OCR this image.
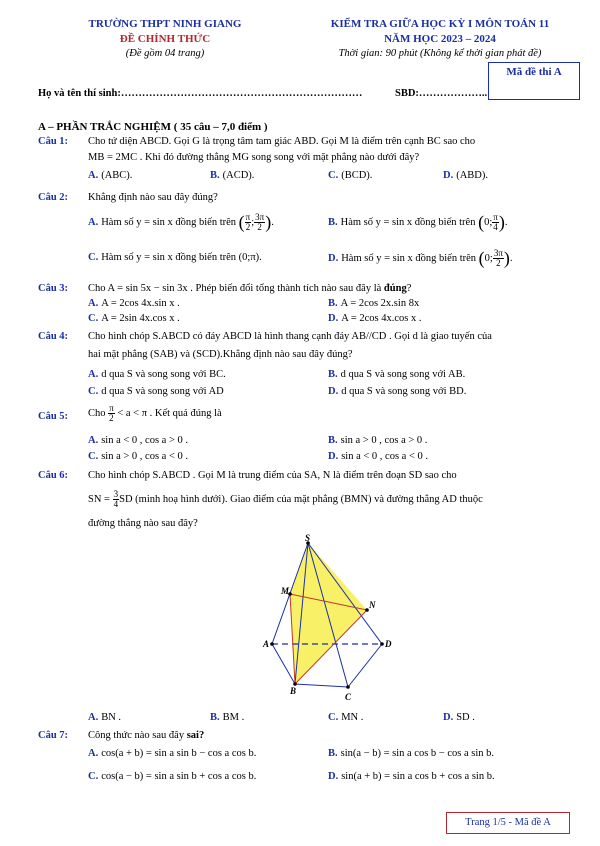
TRƯỜNG THPT NINH GIANG
ĐỀ CHÍNH THỨC
(Đề gồm 04 trang)
KIỂM TRA GIỮA HỌC KỲ I MÔN TOÁN 11
NĂM HỌC 2023 – 2024
Thời gian: 90 phút (Không kể thời gian phát đề)
Mã đề thi A
Họ và tên thí sinh:……………………………………………………………	SBD:………………..
A – PHẦN TRẮC NGHIỆM ( 35 câu – 7,0 điểm )
Câu 1: Cho tứ diện ABCD. Gọi G là trọng tâm tam giác ABD. Gọi M là điểm trên cạnh BC sao cho
MB = 2MC . Khi đó đường thẳng MG song song với mặt phẳng nào dưới đây?
A. (ABC).	B. (ACD).	C. (BCD).	D. (ABD).
Câu 2: Khẳng định nào sau đây đúng?
A. Hàm số y = sin x đồng biến trên ( $\frac{\pi}{2}$ ; $\frac{3\pi}{2}$ ).	B. Hàm số y = sin x đồng biến trên (0; $\frac{\pi}{4}$ ).
C. Hàm số y = sin x đồng biến trên (0;π).	D. Hàm số y = sin x đồng biến trên (0; $\frac{3\pi}{2}$ ).
Câu 3: Cho A = sin 5x − sin 3x . Phép biến đổi tổng thành tích nào sau đây là đúng?
A. A = 2cos 4x.sin x .	B. A = 2cos 2x.sin 8x
C. A = 2sin 4x.cos x .	D. A = 2cos 4x.cos x .
Câu 4: Cho hình chóp S.ABCD có đáy ABCD là hình thang cạnh đáy AB//CD . Gọi d là giao tuyến của
hai mặt phẳng (SAB) và (SCD).Khẳng định nào sau đây đúng?
A. d qua S và song song với BC.	B. d qua S và song song với AB.
C. d qua S và song song với AD	D. d qua S và song song với BD.
Câu 5: Cho $\frac{\pi}{2} < a < \pi$ . Kết quả đúng là
A. sin a < 0 , cos a > 0 .	B. sin a > 0 , cos a > 0 .
C. sin a > 0 , cos a < 0 .	D. sin a < 0 , cos a < 0 .
Câu 6: Cho hình chóp S.ABCD . Gọi M là trung điểm của SA, N là điểm trên đoạn SD sao cho
SN = $\frac{3}{4}$ SD (minh hoạ hình dưới). Giao điểm của mặt phẳng (BMN) và đường thẳng AD thuộc
đường thẳng nào sau đây?
S
M
N
A	D
B
C
A. BN .	B. BM .	C. MN .	D. SD .
Câu 7: Công thức nào sau đây sai?
A. cos(a + b) = sin a sin b − cos a cos b.	B. sin(a − b) = sin a cos b − cos a sin b.
C. cos(a − b) = sin a sin b + cos a cos b.	D. sin(a + b) = sin a cos b + cos a sin b.
Trang 1/5 - Mã đề A
